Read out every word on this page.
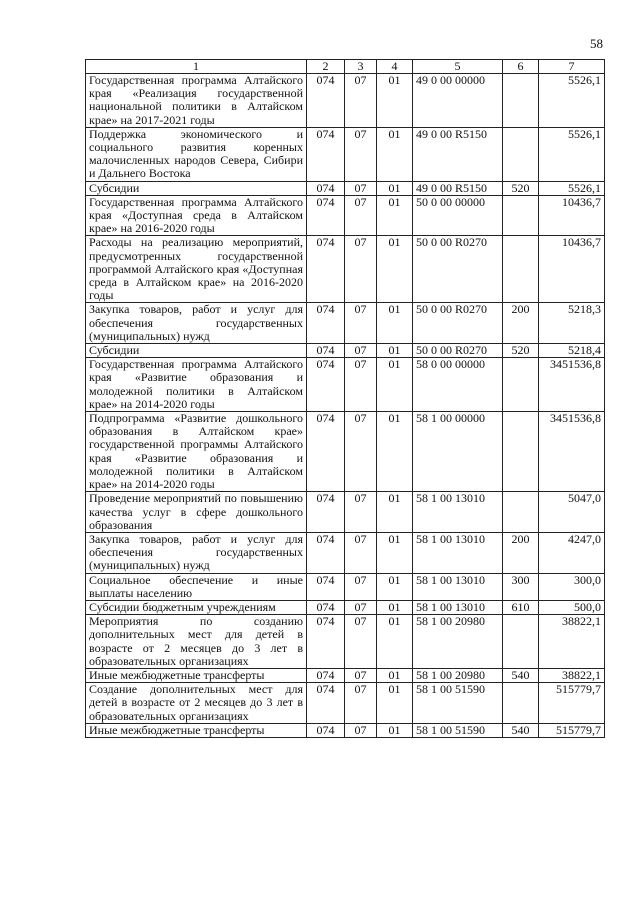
58
1	2	3	4	5	6	7
Государственная программа Алтайского края «Реализация государственной национальной политики в Алтайском крае» на 2017-2021 годы	074	07	01	49 0 00 00000		5526,1
Поддержка экономического и социального развития коренных малочисленных народов Севера, Сибири и Дальнего Востока	074	07	01	49 0 00 R5150		5526,1
Субсидии	074	07	01	49 0 00 R5150	520	5526,1
Государственная программа Алтайского края «Доступная среда в Алтайском крае» на 2016-2020 годы	074	07	01	50 0 00 00000		10436,7
Расходы на реализацию мероприятий, предусмотренных государственной программой Алтайского края «Доступная среда в Алтайском крае» на 2016-2020 годы	074	07	01	50 0 00 R0270		10436,7
Закупка товаров, работ и услуг для обеспечения государственных (муниципальных) нужд	074	07	01	50 0 00 R0270	200	5218,3
Субсидии	074	07	01	50 0 00 R0270	520	5218,4
Государственная программа Алтайского края «Развитие образования и молодежной политики в Алтайском крае» на 2014-2020 годы	074	07	01	58 0 00 00000		3451536,8
Подпрограмма «Развитие дошкольного образования в Алтайском крае» государственной программы Алтайского края «Развитие образования и молодежной политики в Алтайском крае» на 2014-2020 годы	074	07	01	58 1 00 00000		3451536,8
Проведение мероприятий по повышению качества услуг в сфере дошкольного образования	074	07	01	58 1 00 13010		5047,0
Закупка товаров, работ и услуг для обеспечения государственных (муниципальных) нужд	074	07	01	58 1 00 13010	200	4247,0
Социальное обеспечение и иные выплаты населению	074	07	01	58 1 00 13010	300	300,0
Субсидии бюджетным учреждениям	074	07	01	58 1 00 13010	610	500,0
Мероприятия по созданию дополнительных мест для детей в возрасте от 2 месяцев до 3 лет в образовательных организациях	074	07	01	58 1 00 20980		38822,1
Иные межбюджетные трансферты	074	07	01	58 1 00 20980	540	38822,1
Создание дополнительных мест для детей в возрасте от 2 месяцев до 3 лет в образовательных организациях	074	07	01	58 1 00 51590		515779,7
Иные межбюджетные трансферты	074	07	01	58 1 00 51590	540	515779,7
